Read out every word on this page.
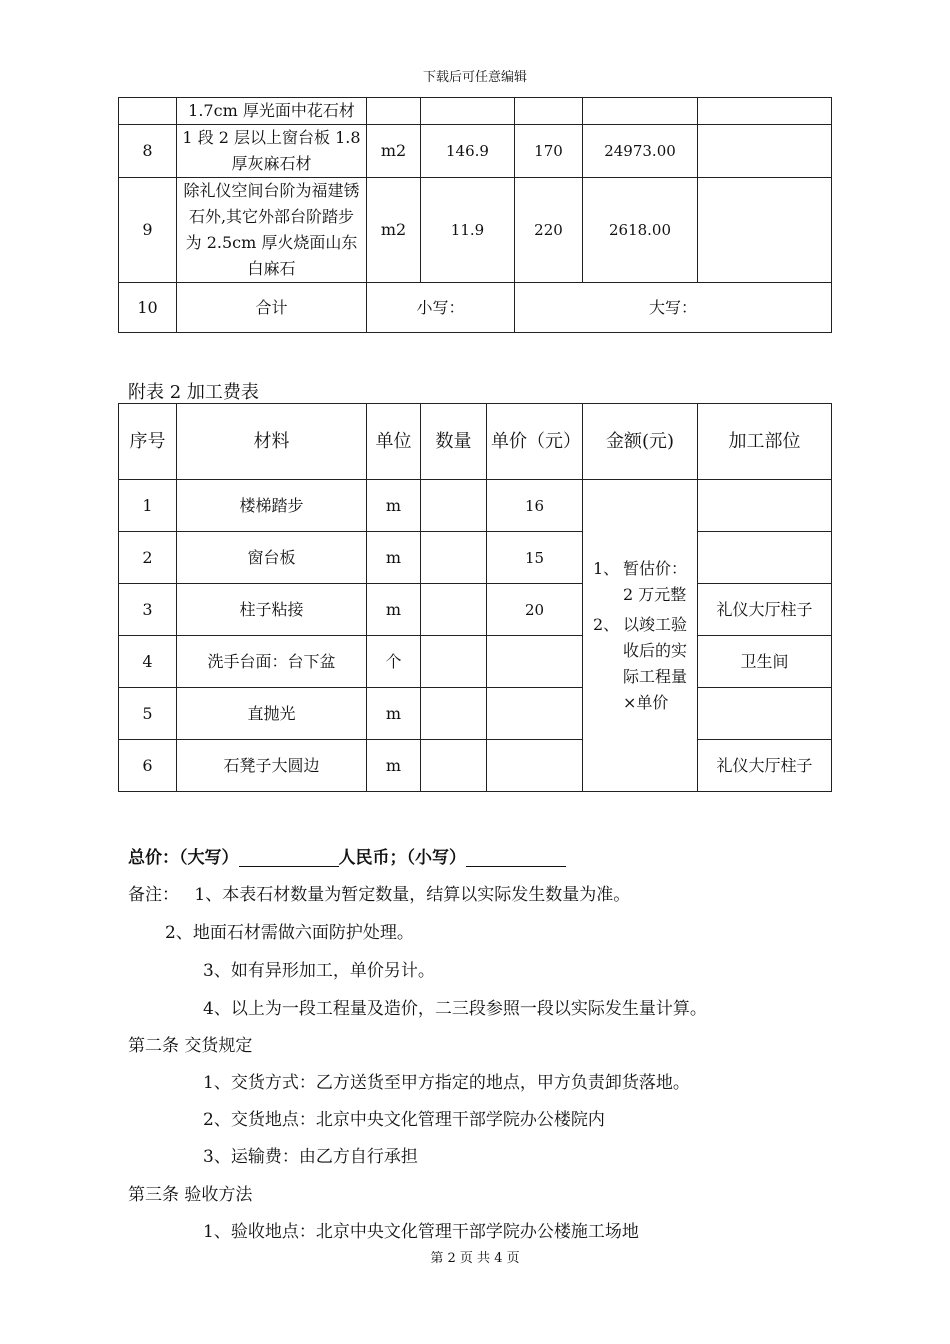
下载后可任意编辑
	1.7cm 厚光面中花石材					
8	1 段 2 层以上窗台板 1.8 厚灰麻石材	m2	146.9	170	24973.00	
9	除礼仪空间台阶为福建锈石外,其它外部台阶踏步为 2.5cm 厚火烧面山东白麻石	m2	11.9	220	2618.00	
10	合计	小写：		大写：		
附表 2 加工费表
序号	材料	单位	数量	单价（元）	金额(元)	加工部位
1	楼梯踏步	m		16	1、 暂估价：2 万元整
2、 以竣工验收后的实际工程量×单价	

2	窗台板	m		15		
3	柱子粘接	m		20		礼仪大厅柱子
4	洗手台面：台下盆	个				卫生间
5	直抛光	m				
6	石凳子大圆边	m				礼仪大厅柱子
总价：（大写）	人民币；（小写）
备注： 1、本表石材数量为暂定数量，结算以实际发生数量为准。
2、地面石材需做六面防护处理。
3、如有异形加工，单价另计。
4、以上为一段工程量及造价，二三段参照一段以实际发生量计算。
第二条 交货规定
1、交货方式：乙方送货至甲方指定的地点，甲方负责卸货落地。
2、交货地点：北京中央文化管理干部学院办公楼院内
3、运输费：由乙方自行承担
第三条 验收方法
1、验收地点：北京中央文化管理干部学院办公楼施工场地
第 2 页 共 4 页
